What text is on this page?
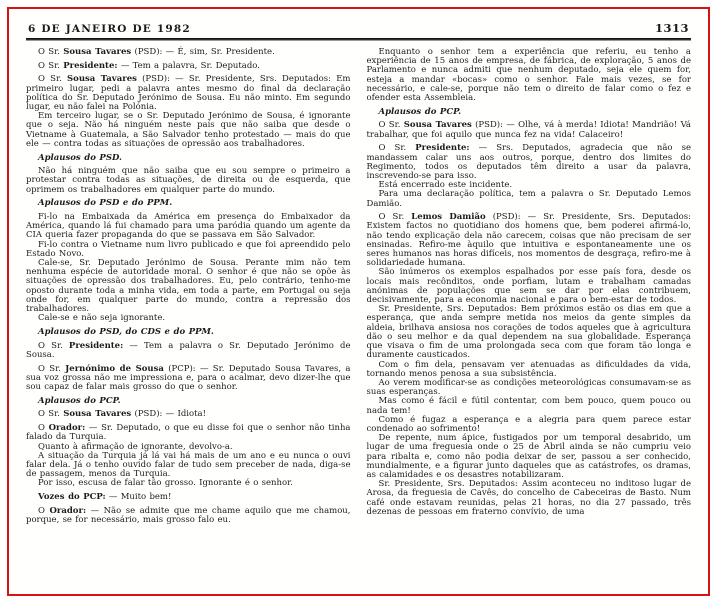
6 DE JANEIRO DE 1982	1313

O Sr. Sousa Tavares (PSD): — É, sim, Sr. Presidente.

O Sr. Presidente: — Tem a palavra, Sr. Deputado.

O Sr. Sousa Tavares (PSD): — Sr. Presidente, Srs. Deputados: Em primeiro lugar, pedi a palavra antes mesmo do final da declaração política do Sr. Deputado Jerónimo de Sousa. Eu não minto. Em segundo lugar, eu não falei na Polónia.

Em terceiro lugar, se o Sr. Deputado Jerónimo de Sousa, é ignorante que o seja. Não há ninguém neste país que não saiba que desde o Vietname à Guatemala, a São Salvador tenho protestado — mais do que ele — contra todas as situações de opressão aos trabalhadores.

Aplausos do PSD.

Não há ninguém que não saiba que eu sou sempre o primeiro a protestar contra todas as situações, de direita ou de esquerda, que oprimem os trabalhadores em qualquer parte do mundo.

Aplausos do PSD e do PPM.

Fi-lo na Embaixada da América em presença do Embaixador da América, quando lá fui chamado para uma paródia quando um agente da CIA queria fazer propaganda do que se passava em São Salvador.

Fi-lo contra o Vietname num livro publicado e que foi apreendido pelo Estado Novo.

Cale-se, Sr. Deputado Jerónimo de Sousa. Perante mim não tem nenhuma espécie de autoridade moral. O senhor é que não se opõe às situações de opressão dos trabalhadores. Eu, pelo contrário, tenho-me oposto durante toda a minha vida, em toda a parte, em Portugal ou seja onde for, em qualquer parte do mundo, contra a repressão dos trabalhadores.

Cale-se e não seja ignorante.

Aplausos do PSD, do CDS e do PPM.

O Sr. Presidente: — Tem a palavra o Sr. Deputado Jerónimo de Sousa.

O Sr. Jernónimo de Sousa (PCP): — Sr. Deputado Sousa Tavares, a sua voz grossa não me impressiona e, para o acalmar, devo dizer-lhe que sou capaz de falar mais grosso do que o senhor.

Aplausos do PCP.

O Sr. Sousa Tavares (PSD): — Idiota!

O Orador: — Sr. Deputado, o que eu disse foi que o senhor não tinha falado da Turquia.

Quanto à afirmação de ignorante, devolvo-a.

A situação da Turquia já lá vai há mais de um ano e eu nunca o ouvi falar dela. Já o tenho ouvido falar de tudo sem preceber de nada, diga-se de passagem, menos da Turquia.

Por isso, escusa de falar tão grosso. Ignorante é o senhor.

Vozes do PCP: — Muito bem!

O Orador: — Não se admite que me chame aquilo que me chamou, porque, se for necessário, mais grosso falo eu.

Enquanto o senhor tem a experiência que referiu, eu tenho a experiência de 15 anos de empresa, de fábrica, de exploração, 5 anos de Parlamento e nunca admiti que nenhum deputado, seja ele quem for, esteja a mandar «bocas» como o senhor. Fale mais vezes, se for necessário, e cale-se, porque não tem o direito de falar como o fez e ofender esta Assembleia.

Aplausos do PCP.

O Sr. Sousa Tavares (PSD): — Olhe, vá à merda! Idiota! Mandrião! Vá trabalhar, que foi aquilo que nunca fez na vida! Calaceiro!

O Sr. Presidente: — Srs. Deputados, agradecia que não se mandassem calar uns aos outros, porque, dentro dos limites do Regimento, todos os deputados têm direito a usar da palavra, inscrevendo-se para isso.

Está encerrado este incidente.

Para uma declaração política, tem a palavra o Sr. Deputado Lemos Damião.

O Sr. Lemos Damião (PSD): — Sr. Presidente, Srs. Deputados: Existem factos no quotidiano dos homens que, bem poderei afirmá-lo, não tendo explicação dela não carecem, coisas que não precisam de ser ensinadas. Refiro-me àquilo que intuitiva e espontaneamente une os seres humanos nas horas difíceis, nos momentos de desgraça, refiro-me à solidariedade humana.

São inúmeros os exemplos espalhados por esse país fora, desde os locais mais recônditos, onde porfiam, lutam e trabalham camadas anónimas de populações que sem se dar por elas contribuem, decisivamente, para a economia nacional e para o bem-estar de todos.

Sr. Presidente, Srs. Deputados: Bem próximos estão os dias em que a esperança, que anda sempre metida nos meios da gente simples da aldeia, brilhava ansiosa nos corações de todos aqueles que à agricultura dão o seu melhor e da qual dependem na sua globalidade. Esperança que visava o fim de uma prolongada seca com que foram tão longa e duramente causticados.

Com o fim dela, pensavam ver atenuadas as dificuldades da vida, tornando menos penosa a sua subsistência.

Ao verem modificar-se as condições meteorológicas consumavam-se as suas esperanças.

Mas como é fácil e fútil contentar, com bem pouco, quem pouco ou nada tem!

Como é fugaz a esperança e a alegria para quem parece estar condenado ao sofrimento!

De repente, num ápice, fustigados por um temporal desabrido, um lugar de uma freguesia onde o 25 de Abril ainda se não cumpriu veio para ribalta e, como não podia deixar de ser, passou a ser conhecido, mundialmente, e a figurar junto daqueles que as catástrofes, os dramas, as calamidades e os desastres notabilizaram.

Sr. Presidente, Srs. Deputados: Assim aconteceu no inditoso lugar de Arosa, da freguesia de Cavês, do concelho de Cabeceiras de Basto. Num café onde estavam reunidas, pelas 21 horas, no dia 27 passado, três dezenas de pessoas em fraterno convívio, de uma
